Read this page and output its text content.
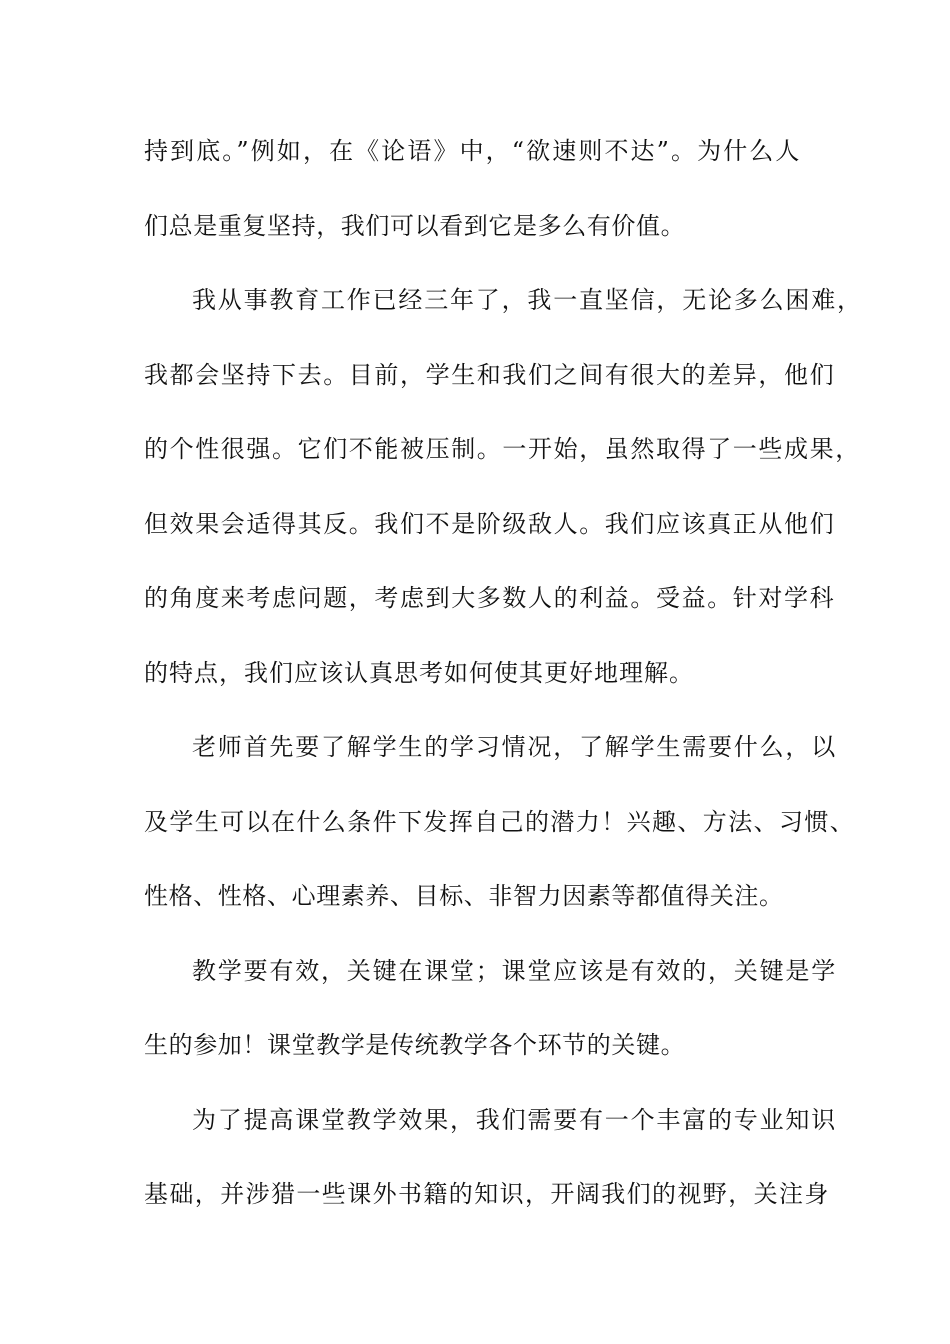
持到底。”例如，在《论语》中，“欲速则不达”。为什么人
们总是重复坚持，我们可以看到它是多么有价值。
我从事教育工作已经三年了，我一直坚信，无论多么困难，
我都会坚持下去。目前，学生和我们之间有很大的差异，他们
的个性很强。它们不能被压制。一开始，虽然取得了一些成果，
但效果会适得其反。我们不是阶级敌人。我们应该真正从他们
的角度来考虑问题，考虑到大多数人的利益。受益。针对学科
的特点，我们应该认真思考如何使其更好地理解。
老师首先要了解学生的学习情况，了解学生需要什么，以
及学生可以在什么条件下发挥自己的潜力！兴趣、方法、习惯、
性格、性格、心理素养、目标、非智力因素等都值得关注。
教学要有效，关键在课堂；课堂应该是有效的，关键是学
生的参加！课堂教学是传统教学各个环节的关键。
为了提高课堂教学效果，我们需要有一个丰富的专业知识
基础，并涉猎一些课外书籍的知识，开阔我们的视野，关注身
